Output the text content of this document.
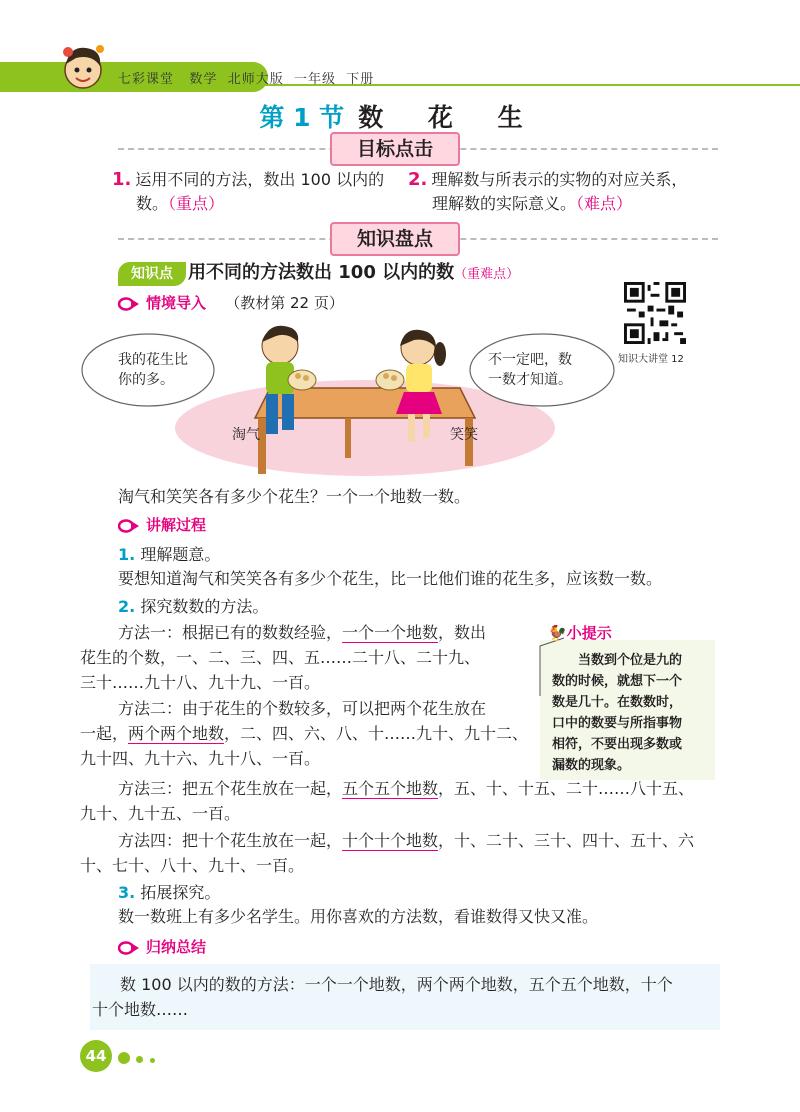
七彩课堂 数学 北师大版 一年级 下册
第 1 节 数 花 生
目标点击
1. 运用不同的方法，数出 100 以内的
数。（重点）
2. 理解数与所表示的实物的对应关系，
理解数的实际意义。（难点）
知识盘点
知识点 用不同的方法数出 100 以内的数（重难点）
情境导入 （教材第 22 页）
知识大讲堂 12
我的花生比
你的多。
不一定吧，数
一数才知道。
淘气	笑笑
淘气和笑笑各有多少个花生？一个一个地数一数。
讲解过程
1. 理解题意。
要想知道淘气和笑笑各有多少个花生，比一比他们谁的花生多，应该数一数。
2. 探究数数的方法。
方法一：根据已有的数数经验，一个一个地数，数出
花生的个数，一、二、三、四、五……二十八、二十九、
三十……九十八、九十九、一百。
方法二：由于花生的个数较多，可以把两个花生放在
一起，两个两个地数，二、四、六、八、十……九十、九十二、
九十四、九十六、九十八、一百。
🐓小提示
当数到个位是九的
数的时候，就想下一个
数是几十。在数数时，
口中的数要与所指事物
相符，不要出现多数或
漏数的现象。
方法三：把五个花生放在一起，五个五个地数，五、十、十五、二十……八十五、
九十、九十五、一百。
方法四：把十个花生放在一起，十个十个地数，十、二十、三十、四十、五十、六
十、七十、八十、九十、一百。
3. 拓展探究。
数一数班上有多少名学生。用你喜欢的方法数，看谁数得又快又准。
归纳总结
数 100 以内的数的方法：一个一个地数，两个两个地数，五个五个地数，十个
十个地数……
44
